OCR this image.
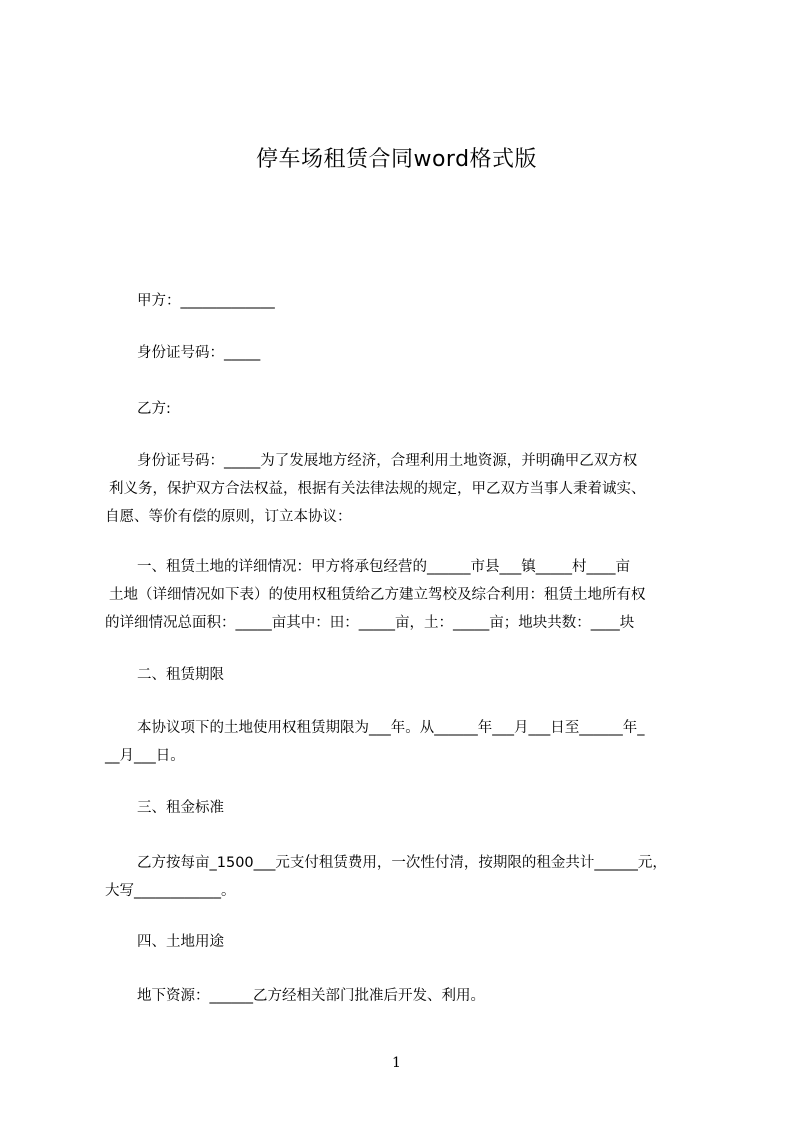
停车场租赁合同word格式版
甲方：_____________
身份证号码：_____
乙方:
身份证号码：_____为了发展地方经济，合理利用土地资源，并明确甲乙双方权
利义务，保护双方合法权益，根据有关法律法规的规定，甲乙双方当事人秉着诚实、
自愿、等价有偿的原则，订立本协议：
一、租赁土地的详细情况：甲方将承包经营的______市县___镇_____村____亩
土地（详细情况如下表）的使用权租赁给乙方建立驾校及综合利用：租赁土地所有权
的详细情况总面积：_____亩其中：田：_____亩，土：_____亩；地块共数：____块
二、租赁期限
本协议项下的土地使用权租赁期限为___年。从______年___月___日至______年_
__月___日。
三、租金标准
乙方按每亩_1500___元支付租赁费用，一次性付清，按期限的租金共计______元，
大写____________。
四、土地用途
地下资源：______乙方经相关部门批准后开发、利用。
1
